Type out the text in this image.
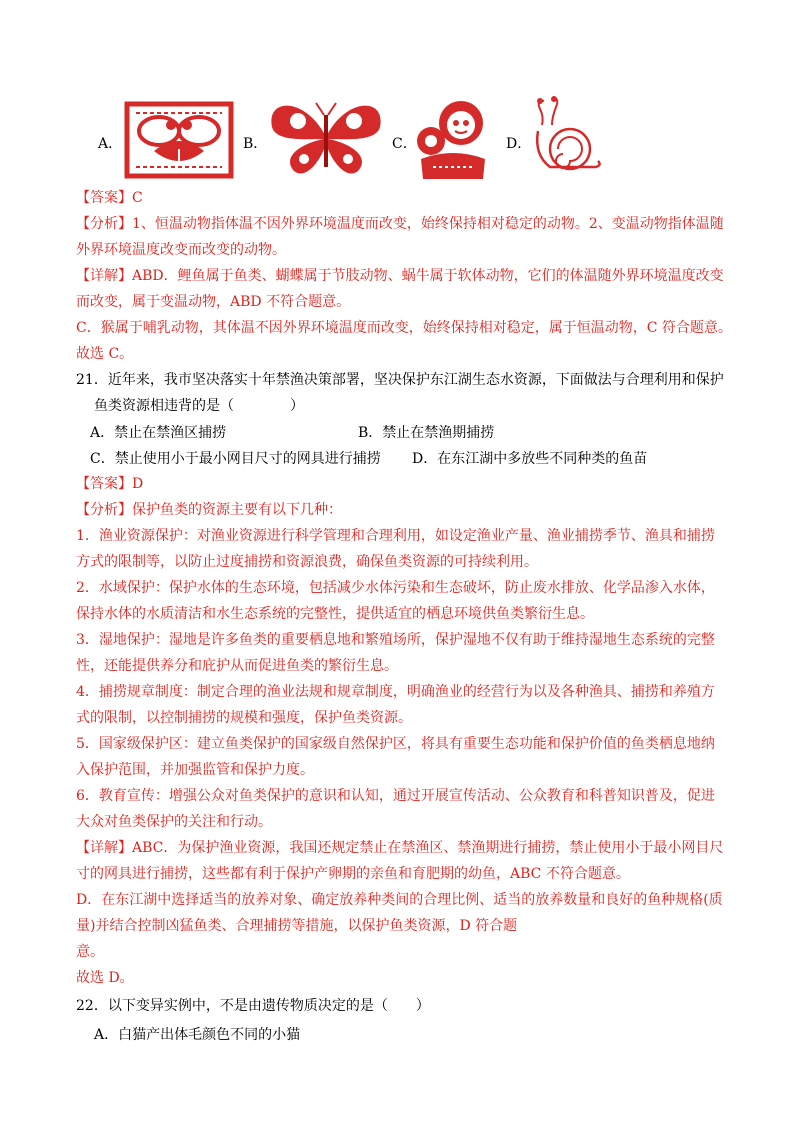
A．	B．	C．	D．
【答案】C
【分析】1、恒温动物指体温不因外界环境温度而改变，始终保持相对稳定的动物。2、变温动物指体温随
外界环境温度改变而改变的动物。
【详解】ABD．鲤鱼属于鱼类、蝴蝶属于节肢动物、蜗牛属于软体动物，它们的体温随外界环境温度改变
而改变，属于变温动物，ABD 不符合题意。
C．猴属于哺乳动物，其体温不因外界环境温度而改变，始终保持相对稳定，属于恒温动物，C 符合题意。
故选 C。
21．近年来，我市坚决落实十年禁渔决策部署，坚决保护东江湖生态水资源，下面做法与合理利用和保护
鱼类资源相违背的是（　　　　）
A．禁止在禁渔区捕捞	B．禁止在禁渔期捕捞
C．禁止使用小于最小网目尺寸的网具进行捕捞 D．在东江湖中多放些不同种类的鱼苗
【答案】D
【分析】保护鱼类的资源主要有以下几种：
1．渔业资源保护：对渔业资源进行科学管理和合理利用，如设定渔业产量、渔业捕捞季节、渔具和捕捞
方式的限制等，以防止过度捕捞和资源浪费，确保鱼类资源的可持续利用。
2．水域保护：保护水体的生态环境，包括减少水体污染和生态破坏，防止废水排放、化学品渗入水体，
保持水体的水质清洁和水生态系统的完整性，提供适宜的栖息环境供鱼类繁衍生息。
3．湿地保护：湿地是许多鱼类的重要栖息地和繁殖场所，保护湿地不仅有助于维持湿地生态系统的完整
性，还能提供养分和庇护从而促进鱼类的繁衍生息。
4．捕捞规章制度：制定合理的渔业法规和规章制度，明确渔业的经营行为以及各种渔具、捕捞和养殖方
式的限制，以控制捕捞的规模和强度，保护鱼类资源。
5．国家级保护区：建立鱼类保护的国家级自然保护区，将具有重要生态功能和保护价值的鱼类栖息地纳
入保护范围，并加强监管和保护力度。
6．教育宣传：增强公众对鱼类保护的意识和认知，通过开展宣传活动、公众教育和科普知识普及，促进
大众对鱼类保护的关注和行动。
【详解】ABC．为保护渔业资源，我国还规定禁止在禁渔区、禁渔期进行捕捞，禁止使用小于最小网目尺
寸的网具进行捕捞，这些都有利于保护产卵期的亲鱼和育肥期的幼鱼，ABC 不符合题意。
D．在东江湖中选择适当的放养对象、确定放养种类间的合理比例、适当的放养数量和良好的鱼种规格(质
量)并结合控制凶猛鱼类、合理捕捞等措施，以保护鱼类资源，D 符合题
意。
故选 D。
22．以下变异实例中，不是由遗传物质决定的是（　　）
A．白猫产出体毛颜色不同的小猫
